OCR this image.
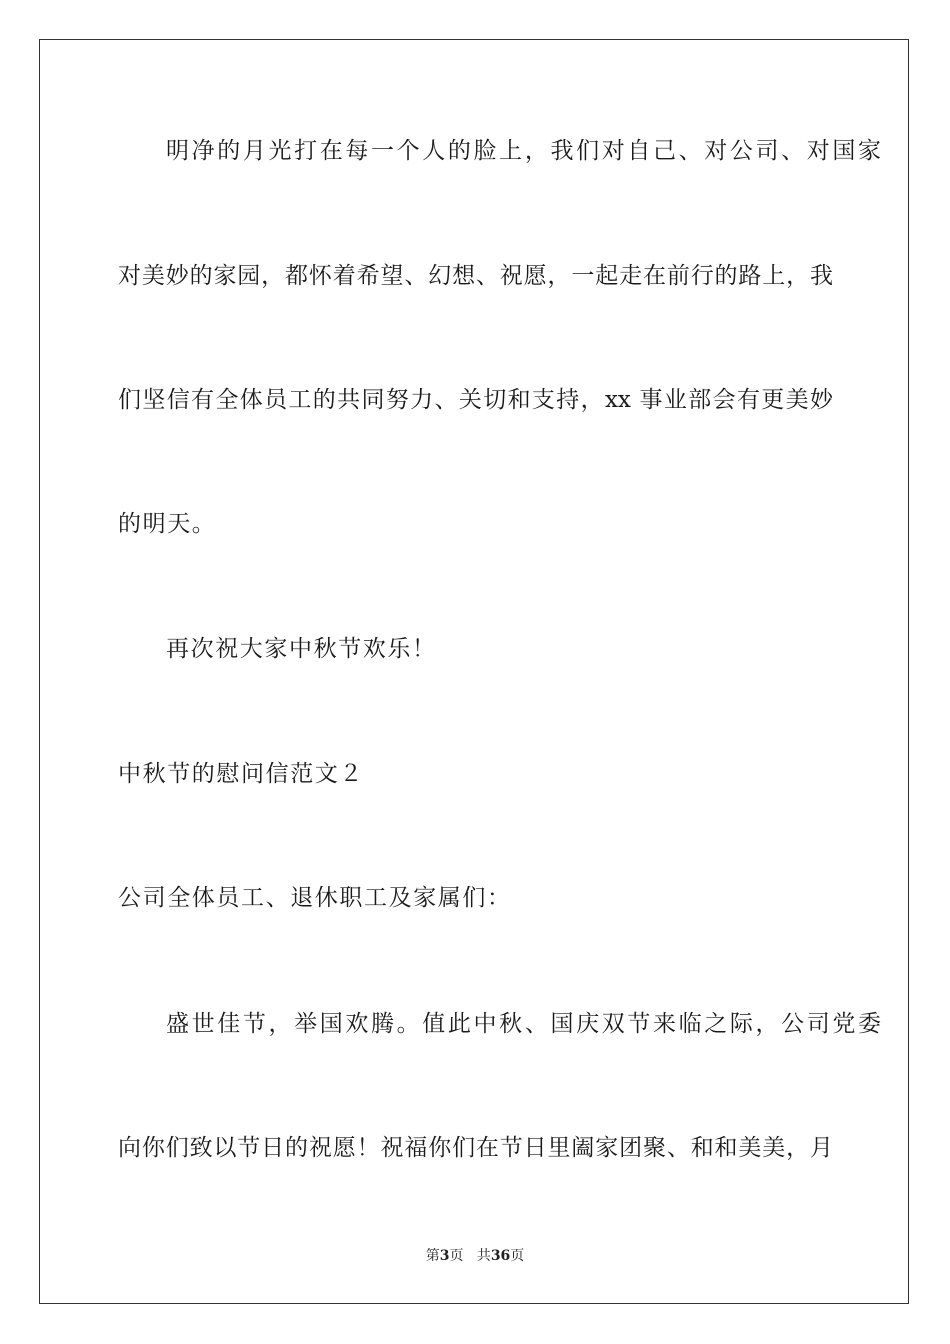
明净的月光打在每一个人的脸上，我们对自己、对公司、对国家
对美妙的家园，都怀着希望、幻想、祝愿，一起走在前行的路上，我
们坚信有全体员工的共同努力、关切和支持，xx 事业部会有更美妙
的明天。
再次祝大家中秋节欢乐！
中秋节的慰问信范文２
公司全体员工、退休职工及家属们：
盛世佳节，举国欢腾。值此中秋、国庆双节来临之际，公司党委
向你们致以节日的祝愿！祝福你们在节日里阖家团聚、和和美美，月
第3页 共36页
